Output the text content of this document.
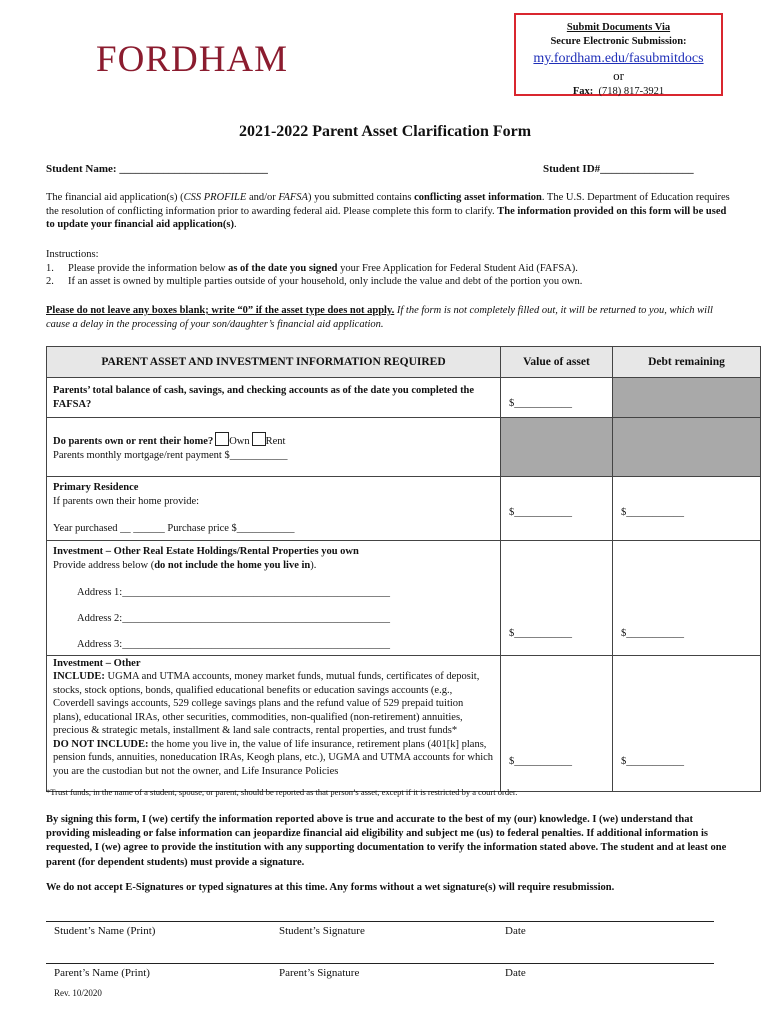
FORDHAM
Submit Documents Via
Secure Electronic Submission:
my.fordham.edu/fasubmitdocs
or
Fax: (718) 817-3921
2021-2022 Parent Asset Clarification Form
Student Name: ___________________________	Student ID#_________________
The financial aid application(s) (CSS PROFILE and/or FAFSA) you submitted contains conflicting asset information. The U.S. Department of Education requires the resolution of conflicting information prior to awarding federal aid. Please complete this form to clarify. The information provided on this form will be used to update your financial aid application(s).
Instructions:
1. Please provide the information below as of the date you signed your Free Application for Federal Student Aid (FAFSA).
2. If an asset is owned by multiple parties outside of your household, only include the value and debt of the portion you own.
Please do not leave any boxes blank; write “0” if the asset type does not apply. If the form is not completely filled out, it will be returned to you, which will cause a delay in the processing of your son/daughter’s financial aid application.
PARENT ASSET AND INVESTMENT INFORMATION REQUIRED	Value of asset	Debt remaining
Parents’ total balance of cash, savings, and checking accounts as of the date you completed the FAFSA?	$___________	

Do parents own or rent their home? Own Rent
Parents monthly mortgage/rent payment $___________		

Primary Residence
If parents own their home provide:
Year purchased __ ______ Purchase price $___________	$___________	$___________

Investment – Other Real Estate Holdings/Rental Properties you own
Provide address below (do not include the home you live in).
Address 1:___________________________________________________
Address 2:___________________________________________________
Address 3:___________________________________________________	$___________	$___________

Investment – Other
INCLUDE: UGMA and UTMA accounts, money market funds, mutual funds, certificates of deposit, stocks, stock options, bonds, qualified educational benefits or education savings accounts (e.g., Coverdell savings accounts, 529 college savings plans and the refund value of 529 prepaid tuition plans), educational IRAs, other securities, commodities, non-qualified (non-retirement) annuities, precious & strategic metals, installment & land sale contracts, rental properties, and trust funds*
DO NOT INCLUDE: the home you live in, the value of life insurance, retirement plans (401[k] plans, pension funds, annuities, noneducation IRAs, Keogh plans, etc.), UGMA and UTMA accounts for which you are the custodian but not the owner, and Life Insurance Policies	$___________	$___________
*Trust funds, in the name of a student, spouse, or parent, should be reported as that person’s asset, except if it is restricted by a court order.
By signing this form, I (we) certify the information reported above is true and accurate to the best of my (our) knowledge. I (we) understand that providing misleading or false information can jeopardize financial aid eligibility and subject me (us) to federal penalties. If additional information is requested, I (we) agree to provide the institution with any supporting documentation to verify the information stated above. The student and at least one parent (for dependent students) must provide a signature.
We do not accept E-Signatures or typed signatures at this time. Any forms without a wet signature(s) will require resubmission.
Student’s Name (Print)	Student’s Signature	Date
Parent’s Name (Print)	Parent’s Signature	Date
Rev. 10/2020
